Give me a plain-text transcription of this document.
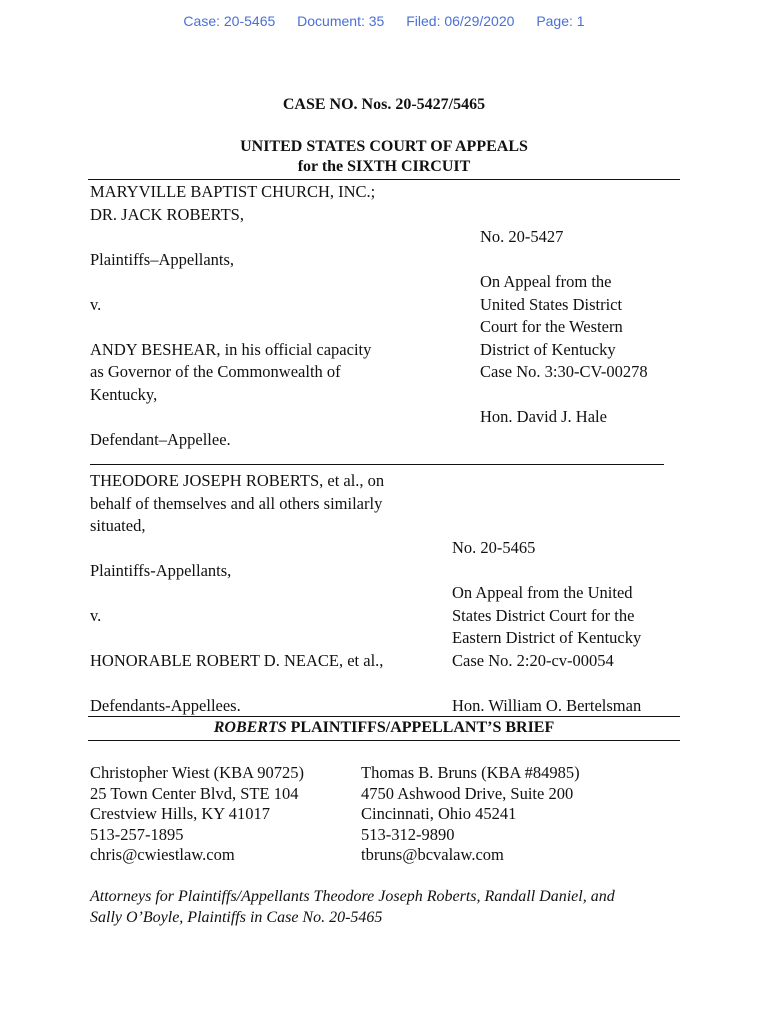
Case: 20-5465 Document: 35 Filed: 06/29/2020 Page: 1
CASE NO. Nos. 20-5427/5465
UNITED STATES COURT OF APPEALS
for the SIXTH CIRCUIT
MARYVILLE BAPTIST CHURCH, INC.;
DR. JACK ROBERTS,

Plaintiffs–Appellants,

v.

ANDY BESHEAR, in his official capacity
as Governor of the Commonwealth of
Kentucky,

Defendant–Appellee.
No. 20-5427

On Appeal from the
United States District
Court for the Western
District of Kentucky
Case No. 3:30-CV-00278

Hon. David J. Hale
THEODORE JOSEPH ROBERTS, et al., on
behalf of themselves and all others similarly
situated,

Plaintiffs-Appellants,

v.

HONORABLE ROBERT D. NEACE, et al.,

Defendants-Appellees.
No. 20-5465

On Appeal from the United
States District Court for the
Eastern District of Kentucky
Case No. 2:20-cv-00054

Hon. William O. Bertelsman
ROBERTS PLAINTIFFS/APPELLANT’S BRIEF
Christopher Wiest (KBA 90725)
25 Town Center Blvd, STE 104
Crestview Hills, KY 41017
513-257-1895
chris@cwiestlaw.com
Thomas B. Bruns (KBA #84985)
4750 Ashwood Drive, Suite 200
Cincinnati, Ohio 45241
513-312-9890
tbruns@bcvalaw.com
Attorneys for Plaintiffs/Appellants Theodore Joseph Roberts, Randall Daniel, and
Sally O’Boyle, Plaintiffs in Case No. 20-5465
